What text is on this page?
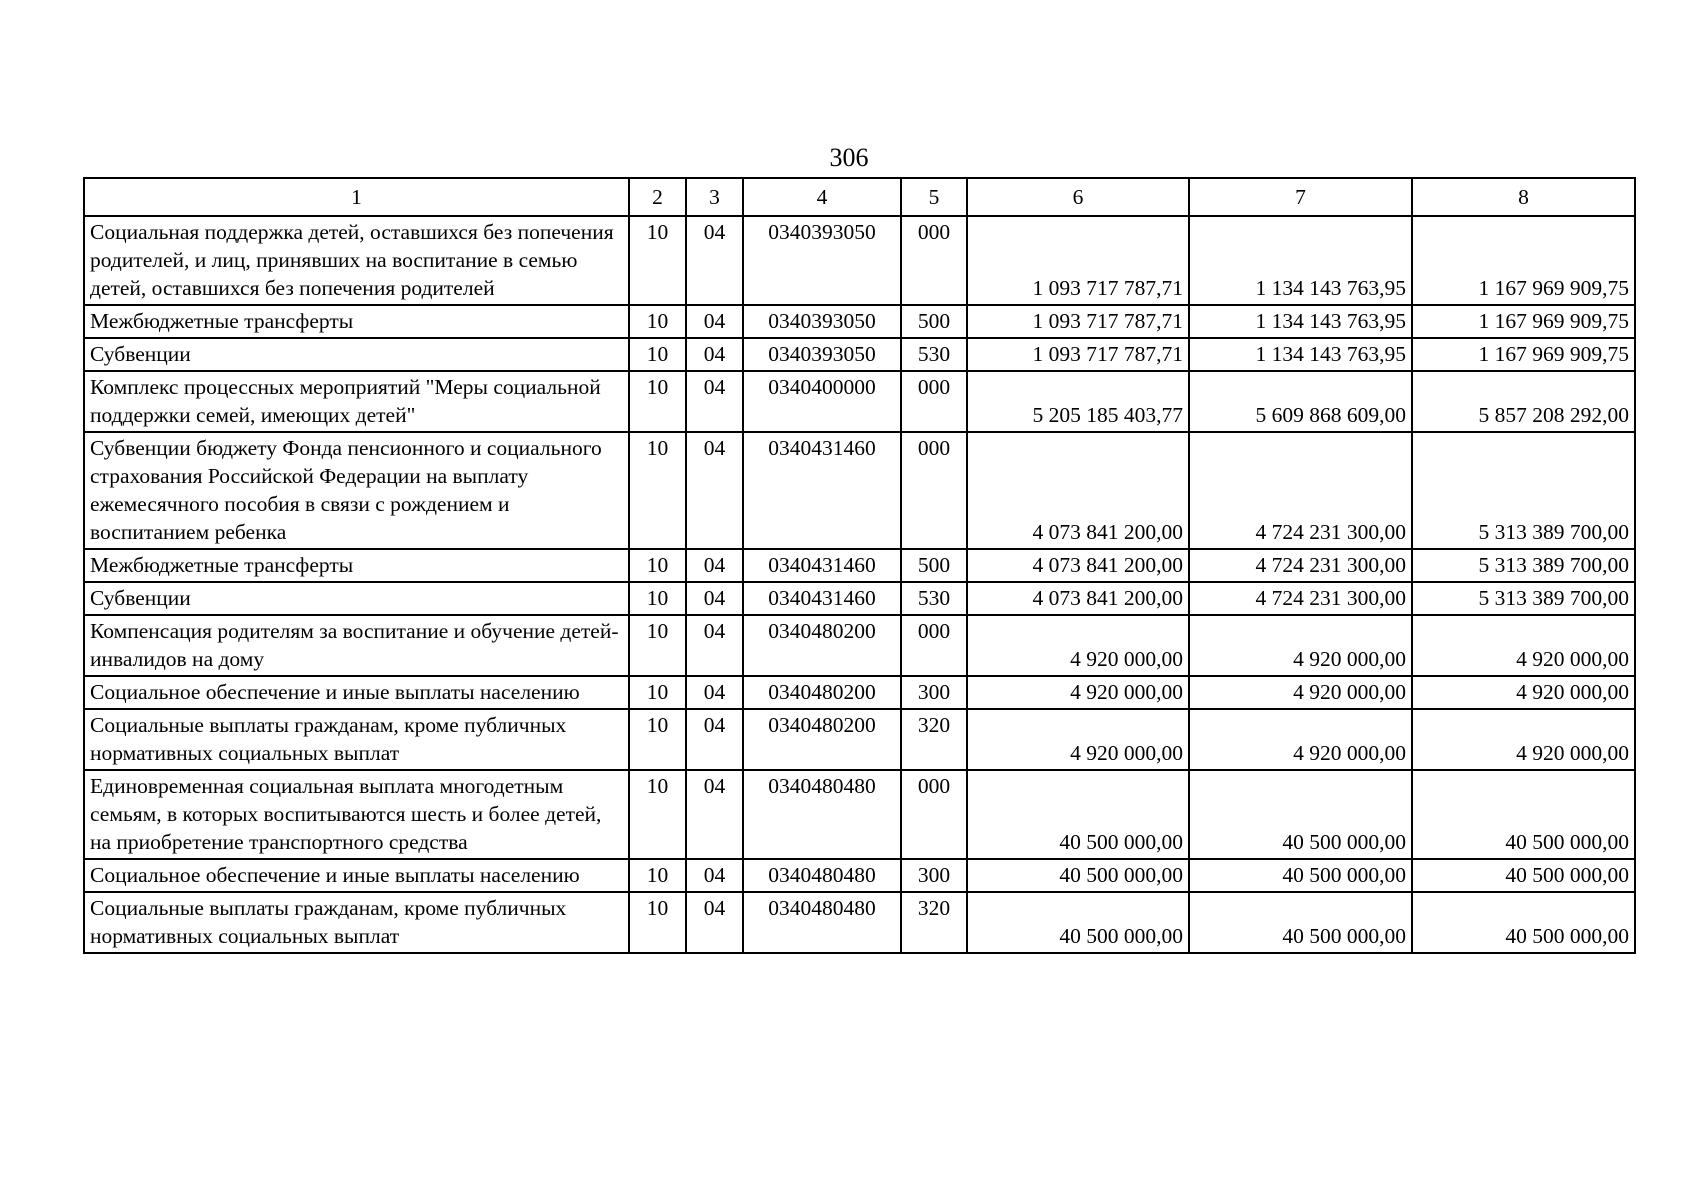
306
1	2	3	4	5	6	7	8
Социальная поддержка детей, оставшихся без попечения родителей, и лиц, принявших на воспитание в семью детей, оставшихся без попечения родителей	10	04	0340393050	000	1 093 717 787,71	1 134 143 763,95	1 167 969 909,75
Межбюджетные трансферты	10	04	0340393050	500	1 093 717 787,71	1 134 143 763,95	1 167 969 909,75
Субвенции	10	04	0340393050	530	1 093 717 787,71	1 134 143 763,95	1 167 969 909,75
Комплекс процессных мероприятий "Меры социальной поддержки семей, имеющих детей"	10	04	0340400000	000	5 205 185 403,77	5 609 868 609,00	5 857 208 292,00
Субвенции бюджету Фонда пенсионного и социального страхования Российской Федерации на выплату ежемесячного пособия в связи с рождением и воспитанием ребенка	10	04	0340431460	000	4 073 841 200,00	4 724 231 300,00	5 313 389 700,00
Межбюджетные трансферты	10	04	0340431460	500	4 073 841 200,00	4 724 231 300,00	5 313 389 700,00
Субвенции	10	04	0340431460	530	4 073 841 200,00	4 724 231 300,00	5 313 389 700,00
Компенсация родителям за воспитание и обучение детей-инвалидов на дому	10	04	0340480200	000	4 920 000,00	4 920 000,00	4 920 000,00
Социальное обеспечение и иные выплаты населению	10	04	0340480200	300	4 920 000,00	4 920 000,00	4 920 000,00
Социальные выплаты гражданам, кроме публичных нормативных социальных выплат	10	04	0340480200	320	4 920 000,00	4 920 000,00	4 920 000,00
Единовременная социальная выплата многодетным семьям, в которых воспитываются шесть и более детей, на приобретение транспортного средства	10	04	0340480480	000	40 500 000,00	40 500 000,00	40 500 000,00
Социальное обеспечение и иные выплаты населению	10	04	0340480480	300	40 500 000,00	40 500 000,00	40 500 000,00
Социальные выплаты гражданам, кроме публичных нормативных социальных выплат	10	04	0340480480	320	40 500 000,00	40 500 000,00	40 500 000,00
